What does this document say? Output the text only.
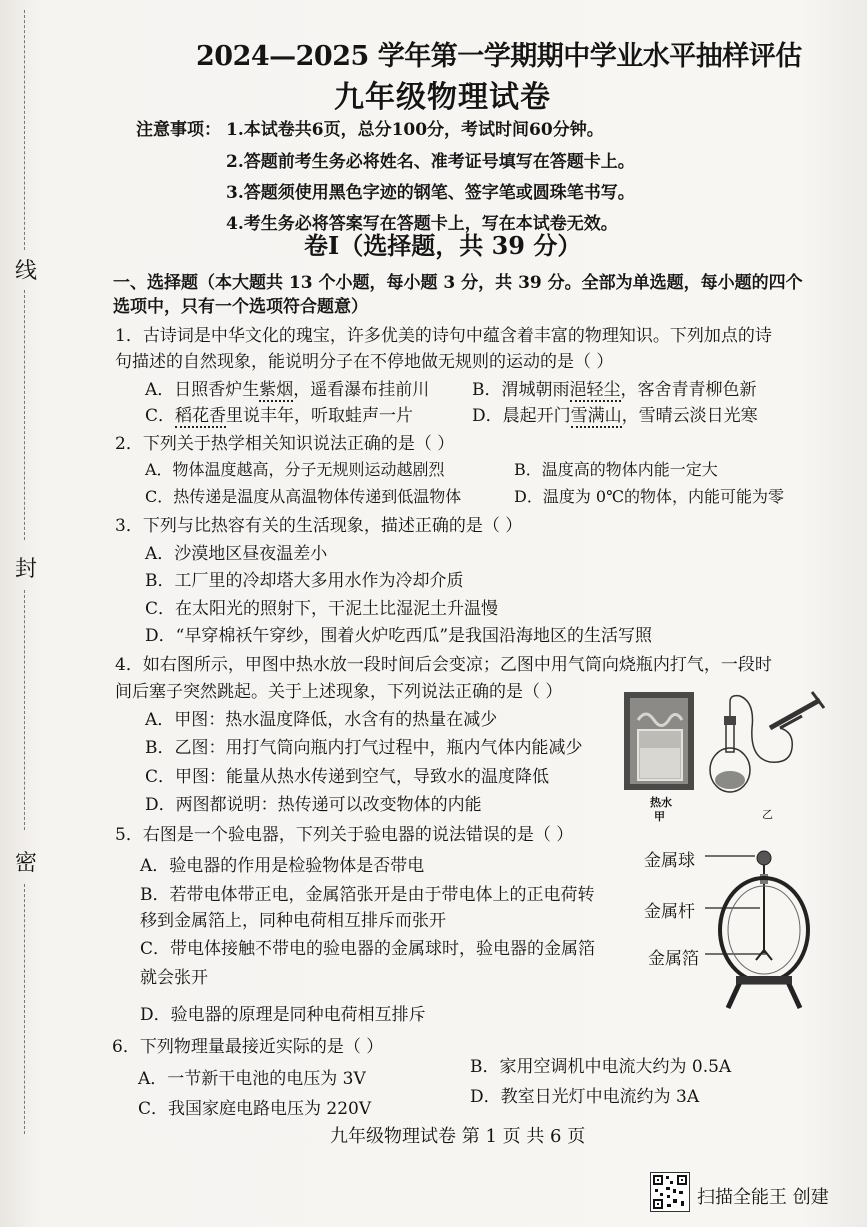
线
封
密
2024—2025 学年第一学期期中学业水平抽样评估
九年级物理试卷
注意事项： 1.本试卷共6页，总分100分，考试时间60分钟。
2.答题前考生务必将姓名、准考证号填写在答题卡上。
3.答题须使用黑色字迹的钢笔、签字笔或圆珠笔书写。
4.考生务必将答案写在答题卡上，写在本试卷无效。
卷Ⅰ（选择题，共 39 分）
一、选择题（本大题共 13 个小题，每小题 3 分，共 39 分。全部为单选题，每小题的四个
选项中，只有一个选项符合题意）
1．古诗词是中华文化的瑰宝，许多优美的诗句中蕴含着丰富的物理知识。下列加点的诗
句描述的自然现象，能说明分子在不停地做无规则的运动的是（ ）
A．日照香炉生紫烟，遥看瀑布挂前川	B．渭城朝雨浥轻尘，客舍青青柳色新
C．稻花香里说丰年，听取蛙声一片	D．晨起开门雪满山，雪晴云淡日光寒
2．下列关于热学相关知识说法正确的是（ ）
A．物体温度越高，分子无规则运动越剧烈	B．温度高的物体内能一定大
C．热传递是温度从高温物体传递到低温物体	D．温度为 0℃的物体，内能可能为零
3．下列与比热容有关的生活现象，描述正确的是（ ）
A．沙漠地区昼夜温差小
B．工厂里的冷却塔大多用水作为冷却介质
C．在太阳光的照射下，干泥土比湿泥土升温慢
D．“早穿棉袄午穿纱，围着火炉吃西瓜”是我国沿海地区的生活写照
4．如右图所示，甲图中热水放一段时间后会变凉；乙图中用气筒向烧瓶内打气，一段时
间后塞子突然跳起。关于上述现象，下列说法正确的是（ ）
A．甲图：热水温度降低，水含有的热量在减少
B．乙图：用打气筒向瓶内打气过程中，瓶内气体内能减少
C．甲图：能量从热水传递到空气，导致水的温度降低
D．两图都说明：热传递可以改变物体的内能	热水
甲	乙
5．右图是一个验电器，下列关于验电器的说法错误的是（ ）
A．验电器的作用是检验物体是否带电
B．若带电体带正电，金属箔张开是由于带电体上的正电荷转
移到金属箔上，同种电荷相互排斥而张开
C．带电体接触不带电的验电器的金属球时，验电器的金属箔
就会张开
D．验电器的原理是同种电荷相互排斥
金属球
金属杆
金属箔
6．下列物理量最接近实际的是（ ）
A．一节新干电池的电压为 3V
B．家用空调机中电流大约为 0.5A
C．我国家庭电路电压为 220V
D．教室日光灯中电流约为 3A
九年级物理试卷 第 1 页 共 6 页
扫描全能王 创建
